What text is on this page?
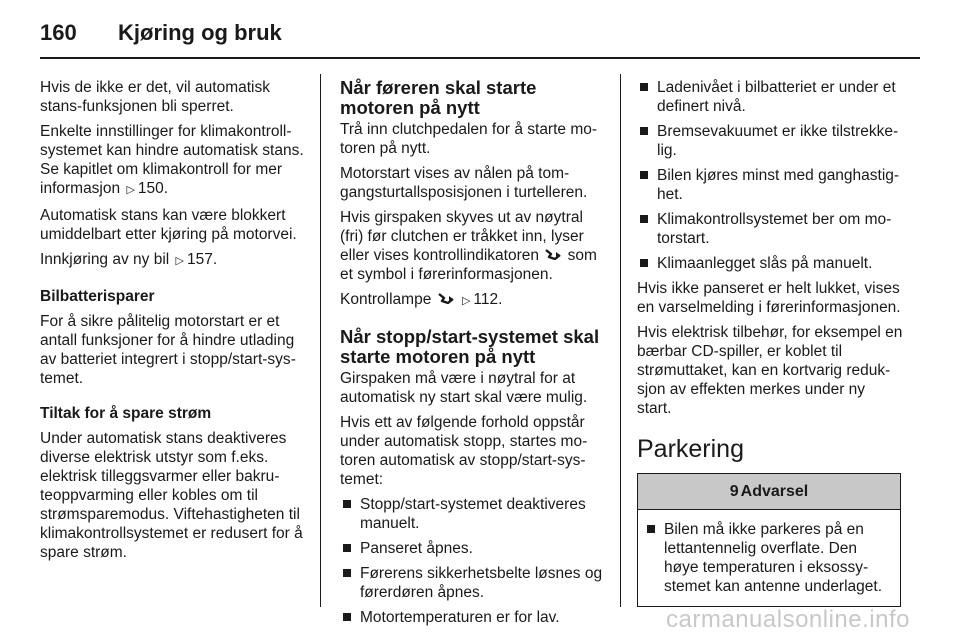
160	Kjøring og bruk

Hvis de ikke er det, vil automatisk stans-funksjonen bli sperret.

Enkelte innstillinger for klimakontrollsystemet kan hindre automatisk stans. Se kapitlet om klimakontroll for mer informasjon ▷ 150.

Automatisk stans kan være blokkert umiddelbart etter kjøring på motorvei.

Innkjøring av ny bil ▷ 157.

Bilbatterisparer

For å sikre pålitelig motorstart er et antall funksjoner for å hindre utlading av batteriet integrert i stopp/start-systemet.

Tiltak for å spare strøm

Under automatisk stans deaktiveres diverse elektrisk utstyr som f.eks. elektrisk tilleggsvarmer eller bakruteoppvarming eller kobles om til strømsparemodus. Viftehastigheten til klimakontrollsystemet er redusert for å spare strøm.

Når føreren skal starte motoren på nytt

Trå inn clutchpedalen for å starte motoren på nytt.

Motorstart vises av nålen på tomgangsturtallsposisjonen i turtelleren.

Hvis girspaken skyves ut av nøytral (fri) før clutchen er tråkket inn, lyser eller vises kontrollindikatoren som et symbol i førerinformasjonen.

Kontrollampe	▷ 112.

Når stopp/start-systemet skal starte motoren på nytt

Girspaken må være i nøytral for at automatisk ny start skal være mulig.

Hvis ett av følgende forhold oppstår under automatisk stopp, startes motoren automatisk av stopp/start-systemet:

Stopp/start-systemet deaktiveres manuelt.
Panseret åpnes.
Førerens sikkerhetsbelte løsnes og førerdøren åpnes.
Motortemperaturen er for lav.
Ladenivået i bilbatteriet er under et definert nivå.
Bremsevakuumet er ikke tilstrekkelig.
Bilen kjøres minst med ganghastighet.
Klimakontrollsystemet ber om motorstart.
Klimaanlegget slås på manuelt.

Hvis ikke panseret er helt lukket, vises en varselmelding i førerinformasjonen.

Hvis elektrisk tilbehør, for eksempel en bærbar CD-spiller, er koblet til strømuttaket, kan en kortvarig reduksjon av effekten merkes under ny start.

Parkering

9 Advarsel
Bilen må ikke parkeres på en lettantennelig overflate. Den høye temperaturen i eksossystemet kan antenne underlaget.
carmanualsonline.info
